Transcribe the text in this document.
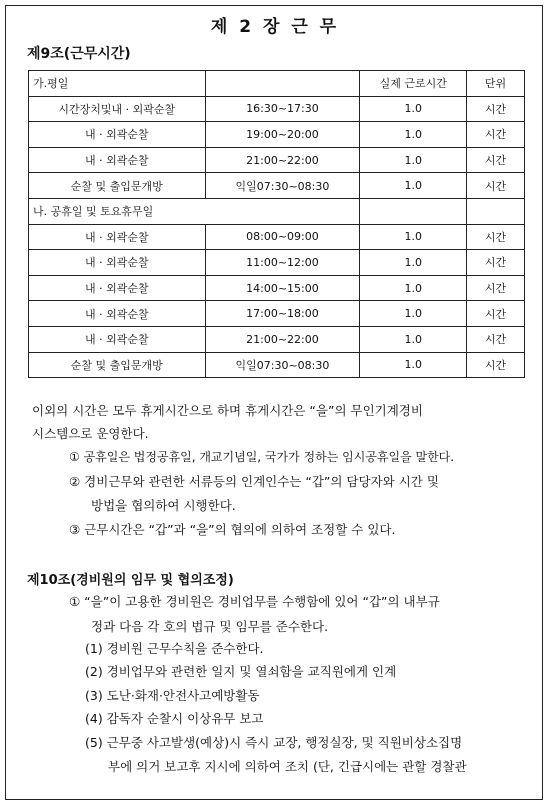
제 2 장 근 무
제9조(근무시간)
가.평일		실제 근로시간	단위
시간장치및내 · 외곽순찰	16:30~17:30	1.0	시간
내 · 외곽순찰	19:00~20:00	1.0	시간
내 · 외곽순찰	21:00~22:00	1.0	시간
순찰 및 출입문개방	익일07:30~08:30	1.0	시간
나. 공휴일 및 토요휴무일			
내 · 외곽순찰	08:00~09:00	1.0	시간
내 · 외곽순찰	11:00~12:00	1.0	시간
내 · 외곽순찰	14:00~15:00	1.0	시간
내 · 외곽순찰	17:00~18:00	1.0	시간
내 · 외곽순찰	21:00~22:00	1.0	시간
순찰 및 출입문개방	익일07:30~08:30	1.0	시간
이외의 시간은 모두 휴게시간으로 하며 휴게시간은 “을”의 무인기계경비
시스템으로 운영한다.
① 공휴일은 법정공휴일, 개교기념일, 국가가 정하는 임시공휴일을 말한다.
② 경비근무와 관련한 서류등의 인계인수는 “갑”의 담당자와 시간 및
방법을 협의하여 시행한다.
③ 근무시간은 “갑”과 “을”의 협의에 의하여 조정할 수 있다.
제10조(경비원의 임무 및 협의조정)
① “을”이 고용한 경비원은 경비업무를 수행함에 있어 “갑”의 내부규
정과 다음 각 호의 법규 및 임무를 준수한다.
(1) 경비원 근무수칙을 준수한다.
(2) 경비업무와 관련한 일지 및 열쇠함을 교직원에게 인계
(3) 도난·화재·안전사고예방활동
(4) 감독자 순찰시 이상유무 보고
(5) 근무중 사고발생(예상)시 즉시 교장, 행정실장, 및 직원비상소집명
부에 의거 보고후 지시에 의하여 조치 (단, 긴급시에는 관할 경찰관
